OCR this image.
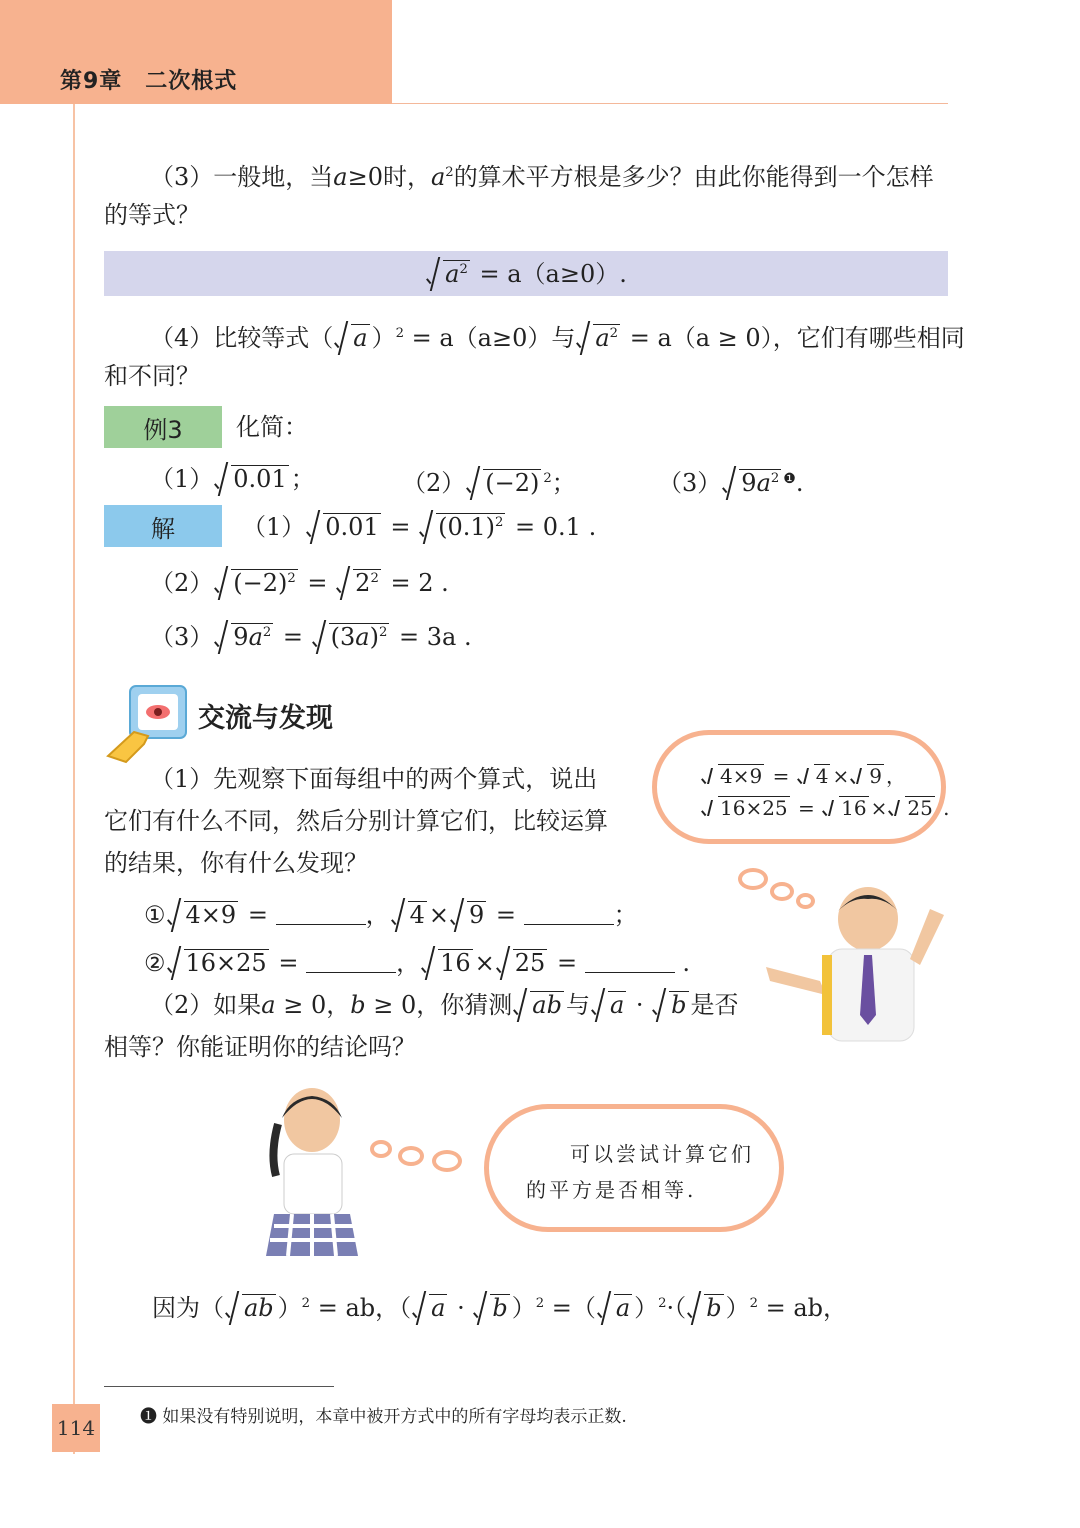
第9章　二次根式
（3）一般地，当a≥0时，$a^2$的算术平方根是多少？由此你能得到一个怎样
的等式？
$a^2 = a(a\ge 0)$.
（4）比较等式（ a ）$^2$ = a（a≥0）与 $a^2 = a(a \ge 0)$，它们有哪些相同
和不同？
例3	化简：
（1） 0.01 ；	（2） (−2) $^2$；	（3） $9a^2$ $^❶$.
解	（1） $0.01 = (0.1)^2 = 0.1$ .
（2） $(-2)^2 = 2^2 = 2$ .
（3） $9a^2 = (3a)^2 = 3a$ .
交流与发现
（1）先观察下面每组中的两个算式，说出
它们有什么不同，然后分别计算它们，比较运算
的结果，你有什么发现？
① 4×9 =	， 4 × 9 =	；
② 16×25 =	， 16 × 25 =	.
（2）如果a ≥ 0，b ≥ 0，你猜测 ab 与 a · b 是否
相等？你能证明你的结论吗？
4×9 = 4 × 9 ，
16×25 = 16 × 25 .
可以尝试计算它们
的平方是否相等.
因为（ ab ）$^2$ = ab，（ a · b ）$^2$ =（ a ）$^2$·（ b ）$^2$ = ab，
❶ 如果没有特别说明，本章中被开方式中的所有字母均表示正数.
114
